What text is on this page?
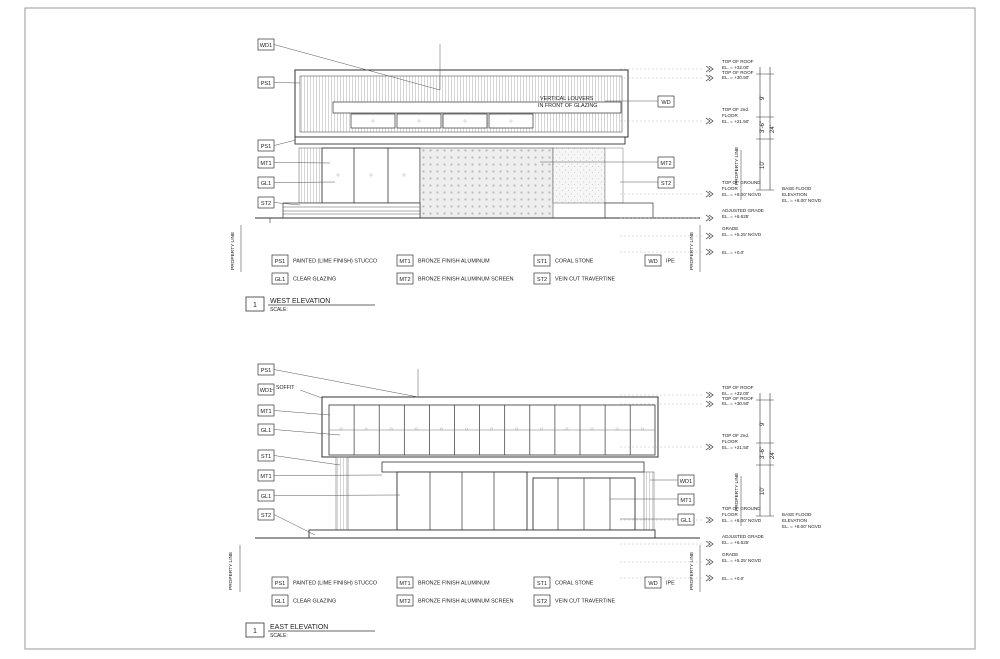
PROPERTY LINE	PROPERTY LINE
WD1
PS1
PS1
MT1
GL1
ST2
WD
MT2
ST2
VERTICAL LOUVERS
IN FRONT OF GLAZING
TOP OF ROOF
EL. = +32.00'
TOP OF ROOF
EL. = +30.50'
TOP OF 2nd.
FLOOR
EL. = +21.50'
TOP OF GROUND
FLOOR
EL. = +8.00' NGVD
ADJUSTED GRADE
EL. = +6.625'
GRADE
EL. = +5.25' NGVD
EL. = +0.0'
9'
3'-6" 24'
10'
PROPERTY LINE
BASE FLOOD
ELEVATION
EL. = +8.00' NGVD
PS1 PAINTED (LIME FINISH) STUCCO	MT1 BRONZE FINISH ALUMINUM	ST1 CORAL STONE	WD IPE
GL1 CLEAR GLAZING	MT2 BRONZE FINISH ALUMINUM SCREEN	ST2 VEIN CUT TRAVERTINE
1
WEST ELEVATION
SCALE:
PROPERTY LINE	PROPERTY LINE
PS1
WD1
MT1
GL1
ST1
MT1
GL1
ST2
SOFFIT
WD1
MT1
GL1
TOP OF ROOF
EL. = +32.00'
TOP OF ROOF
EL. = +30.50'
TOP OF 2nd.
FLOOR
EL. = +21.50'
TOP OF GROUND
FLOOR
EL. = +8.00' NGVD
ADJUSTED GRADE
EL. = +6.625'
GRADE
EL. = +5.25' NGVD
EL. = +0.0'
9'
3'-6" 24'
10'
PROPERTY LINE
BASE FLOOD
ELEVATION
EL. = +8.00' NGVD
PS1 PAINTED (LIME FINISH) STUCCO	MT1 BRONZE FINISH ALUMINUM	ST1 CORAL STONE	WD IPE
GL1 CLEAR GLAZING	MT2 BRONZE FINISH ALUMINUM SCREEN	ST2 VEIN CUT TRAVERTINE
1
EAST ELEVATION
SCALE:
